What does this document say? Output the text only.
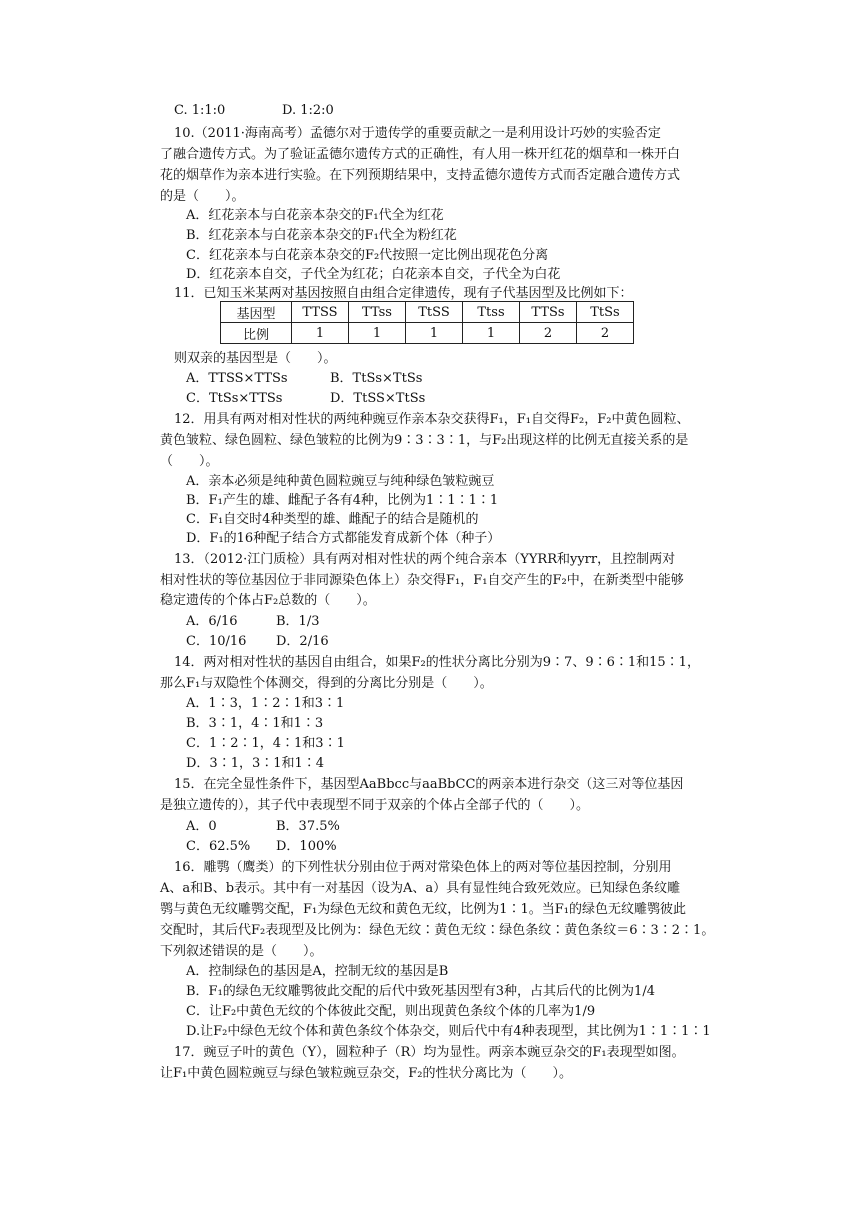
C. 1:1:0	D. 1:2:0
10.（2011·海南高考）孟德尔对于遗传学的重要贡献之一是利用设计巧妙的实验否定
了融合遗传方式。为了验证孟德尔遗传方式的正确性，有人用一株开红花的烟草和一株开白
花的烟草作为亲本进行实验。在下列预期结果中，支持孟德尔遗传方式而否定融合遗传方式
的是（　　）。
A．红花亲本与白花亲本杂交的F₁代全为红花
B．红花亲本与白花亲本杂交的F₁代全为粉红花
C．红花亲本与白花亲本杂交的F₂代按照一定比例出现花色分离
D．红花亲本自交，子代全为红花；白花亲本自交，子代全为白花
11．已知玉米某两对基因按照自由组合定律遗传，现有子代基因型及比例如下：
基因型	TTSS	TTss	TtSS	Ttss	TTSs	TtSs
比例	1	1	1	1	2	2
则双亲的基因型是（　　）。
A．TTSS×TTSs	B．TtSs×TtSs
C．TtSs×TTSs	D．TtSS×TtSs
12．用具有两对相对性状的两纯种豌豆作亲本杂交获得F₁，F₁自交得F₂，F₂中黄色圆粒、
黄色皱粒、绿色圆粒、绿色皱粒的比例为9∶3∶3∶1，与F₂出现这样的比例无直接关系的是
（　　）。
A．亲本必须是纯种黄色圆粒豌豆与纯种绿色皱粒豌豆
B．F₁产生的雄、雌配子各有4种，比例为1∶1∶1∶1
C．F₁自交时4种类型的雄、雌配子的结合是随机的
D．F₁的16种配子结合方式都能发育成新个体（种子）
13．（2012·江门质检）具有两对相对性状的两个纯合亲本（YYRR和yyrr，且控制两对
相对性状的等位基因位于非同源染色体上）杂交得F₁，F₁自交产生的F₂中，在新类型中能够
稳定遗传的个体占F₂总数的（　　）。
A．6/16	B．1/3
C．10/16 D．2/16
14．两对相对性状的基因自由组合，如果F₂的性状分离比分别为9∶7、9∶6∶1和15∶1，
那么F₁与双隐性个体测交，得到的分离比分别是（　　）。
A．1∶3，1∶2∶1和3∶1
B．3∶1，4∶1和1∶3
C．1∶2∶1，4∶1和3∶1
D．3∶1，3∶1和1∶4
15．在完全显性条件下，基因型AaBbcc与aaBbCC的两亲本进行杂交（这三对等位基因
是独立遗传的），其子代中表现型不同于双亲的个体占全部子代的（　　）。
A．0	B．37.5%
C．62.5% D．100%
16．雕鹗（鹰类）的下列性状分别由位于两对常染色体上的两对等位基因控制，分别用
A、a和B、b表示。其中有一对基因（设为A、a）具有显性纯合致死效应。已知绿色条纹雕
鹗与黄色无纹雕鹗交配，F₁为绿色无纹和黄色无纹，比例为1∶1。当F₁的绿色无纹雕鹗彼此
交配时，其后代F₂表现型及比例为：绿色无纹∶黄色无纹∶绿色条纹∶黄色条纹＝6∶3∶2∶1。
下列叙述错误的是（　　）。
A．控制绿色的基因是A，控制无纹的基因是B
B．F₁的绿色无纹雕鹗彼此交配的后代中致死基因型有3种，占其后代的比例为1/4
C．让F₂中黄色无纹的个体彼此交配，则出现黄色条纹个体的几率为1/9
D.让F₂中绿色无纹个体和黄色条纹个体杂交，则后代中有4种表现型，其比例为1∶1∶1∶1
17．豌豆子叶的黄色（Y），圆粒种子（R）均为显性。两亲本豌豆杂交的F₁表现型如图。
让F₁中黄色圆粒豌豆与绿色皱粒豌豆杂交，F₂的性状分离比为（　　）。
